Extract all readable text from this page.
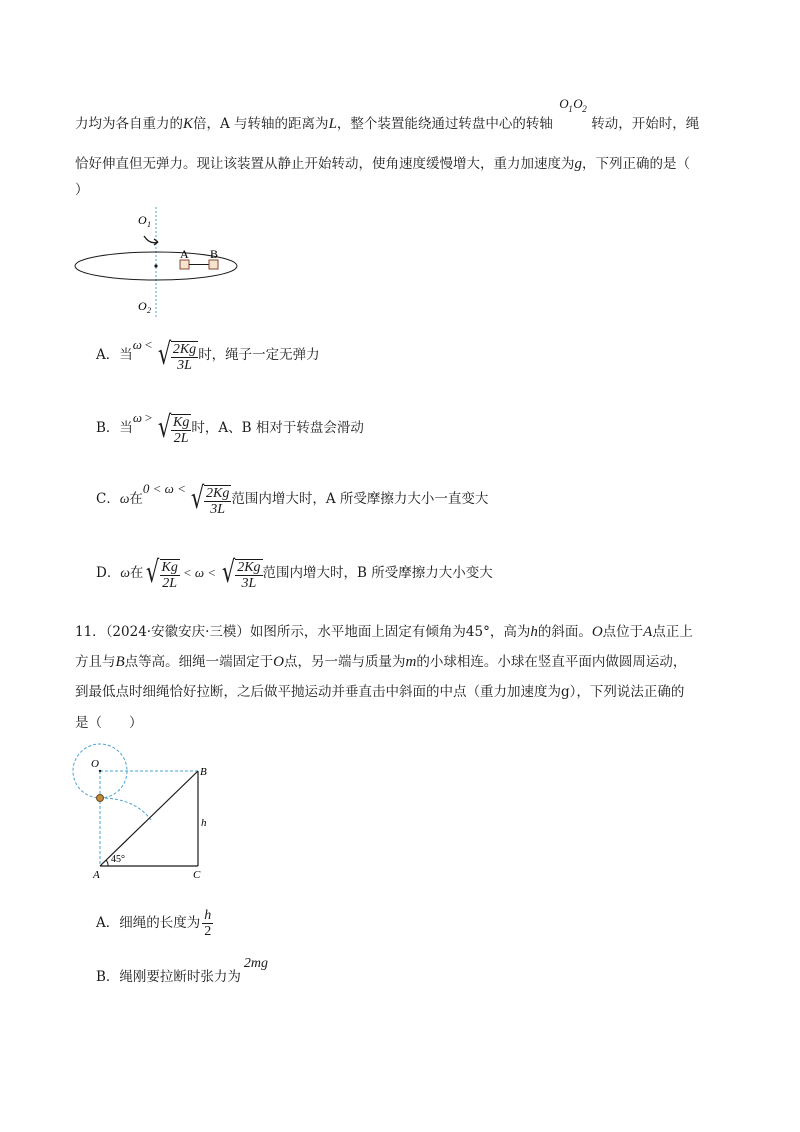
力均为各自重力的K倍，A 与转轴的距离为L，整个装置能绕通过转盘中心的转轴
O 1 O 2
转动，开始时，绳
恰好伸直但无弹力。现让该装置从静止开始转动，使角速度缓慢增大，重力加速度为g，下列正确的是（
）
O 1
O 2
A B
A．当ω < √ $\frac{2Kg}{3L}$ 时，绳子一定无弹力
B．当ω > √ $\frac{Kg}{2L}$ 时，A、B 相对于转盘会滑动
C．ω在0 < ω < √ $\frac{2Kg}{3L}$ 范围内增大时，A 所受摩擦力大小一直变大
D．ω在 √ $\frac{Kg}{2L} < \omega$ < √ $\frac{2Kg}{3L}$ 范围内增大时，B 所受摩擦力大小变大
11．（2024·安徽安庆·三模）如图所示，水平地面上固定有倾角为45°，高为h的斜面。O点位于A点正上
方且与B点等高。细绳一端固定于O点，另一端与质量为m的小球相连。小球在竖直平面内做圆周运动，
到最低点时细绳恰好拉断，之后做平抛运动并垂直击中斜面的中点（重力加速度为g），下列说法正确的
是（　　）
O
B
h
45°
A	C
A．细绳的长度为 $\frac{h}{2}$
B．绳刚要拉断时张力为2mg
